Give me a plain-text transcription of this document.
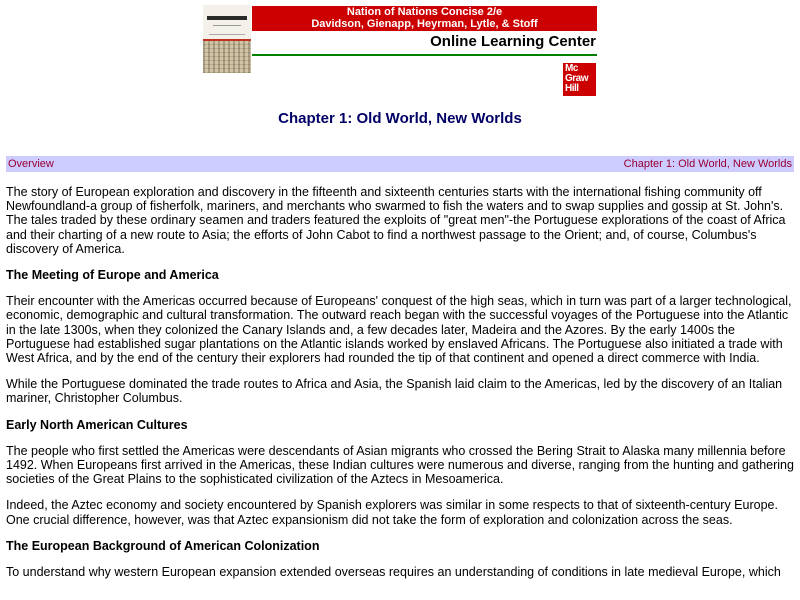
Nation of Nations Concise 2/e
Davidson, Gienapp, Heyrman, Lytle, & Stoff
Online Learning Center
Mc
Graw
Hill
Chapter 1: Old World, New Worlds
Overview	Chapter 1: Old World, New Worlds

The story of European exploration and discovery in the fifteenth and sixteenth centuries starts with the international fishing community off Newfoundland-a group of fisherfolk, mariners, and merchants who swarmed to fish the waters and to swap supplies and gossip at St. John's. The tales traded by these ordinary seamen and traders featured the exploits of "great men"-the Portuguese explorations of the coast of Africa and their charting of a new route to Asia; the efforts of John Cabot to find a northwest passage to the Orient; and, of course, Columbus's discovery of America.

The Meeting of Europe and America

Their encounter with the Americas occurred because of Europeans' conquest of the high seas, which in turn was part of a larger technological, economic, demographic and cultural transformation. The outward reach began with the successful voyages of the Portuguese into the Atlantic in the late 1300s, when they colonized the Canary Islands and, a few decades later, Madeira and the Azores. By the early 1400s the Portuguese had established sugar plantations on the Atlantic islands worked by enslaved Africans. The Portuguese also initiated a trade with West Africa, and by the end of the century their explorers had rounded the tip of that continent and opened a direct commerce with India.

While the Portuguese dominated the trade routes to Africa and Asia, the Spanish laid claim to the Americas, led by the discovery of an Italian mariner, Christopher Columbus.

Early North American Cultures

The people who first settled the Americas were descendants of Asian migrants who crossed the Bering Strait to Alaska many millennia before 1492. When Europeans first arrived in the Americas, these Indian cultures were numerous and diverse, ranging from the hunting and gathering societies of the Great Plains to the sophisticated civilization of the Aztecs in Mesoamerica.

Indeed, the Aztec economy and society encountered by Spanish explorers was similar in some respects to that of sixteenth-century Europe. One crucial difference, however, was that Aztec expansionism did not take the form of exploration and colonization across the seas.

The European Background of American Colonization

To understand why western European expansion extended overseas requires an understanding of conditions in late medieval Europe, which
